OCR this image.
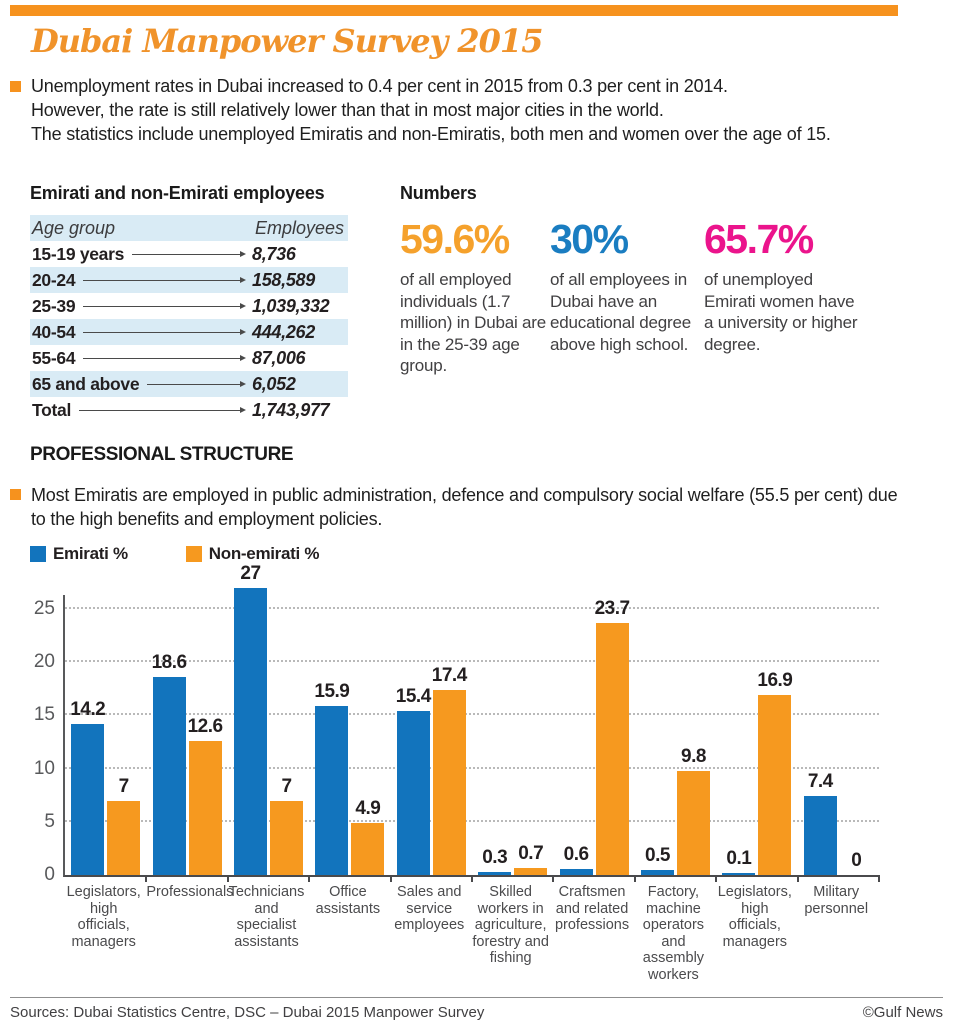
Dubai Manpower Survey 2015
Unemployment rates in Dubai increased to 0.4 per cent in 2015 from 0.3 per cent in 2014.
However, the rate is still relatively lower than that in most major cities in the world.
The statistics include unemployed Emiratis and non-Emiratis, both men and women over the age of 15.
Emirati and non-Emirati employees
Age group	Employees
15-19 years	8,736
20-24	158,589
25-39	1,039,332
40-54	444,262
55-64	87,006
65 and above	6,052
Total	1,743,977
Numbers
59.6%
of all employed individuals (1.7 million) in Dubai are in the 25-39 age group.
30%
of all employees in Dubai have an educational degree above high school.
65.7%
of unemployed Emirati women have a university or higher degree.
PROFESSIONAL STRUCTURE
Most Emiratis are employed in public administration, defence and compulsory social welfare (55.5 per cent) due to the high benefits and employment policies.
Emirati %	Non-emirati %
14.2
7
18.6
12.6
27
7
15.9
4.9
15.4
17.4
0.3 0.7	0.6
23.7
0.5
9.8
0.1
16.9
7.4
0
Legislators, high officials, managers
Professionals
Technicians and specialist assistants
Office assistants
Sales and service employees
Skilled workers in agriculture, forestry and fishing
Craftsmen and related professions
Factory, machine operators and assembly workers
Legislators, high officials, managers
Military personnel
0
5
10
15
20
25
Sources: Dubai Statistics Centre, DSC – Dubai 2015 Manpower Survey	©Gulf News
